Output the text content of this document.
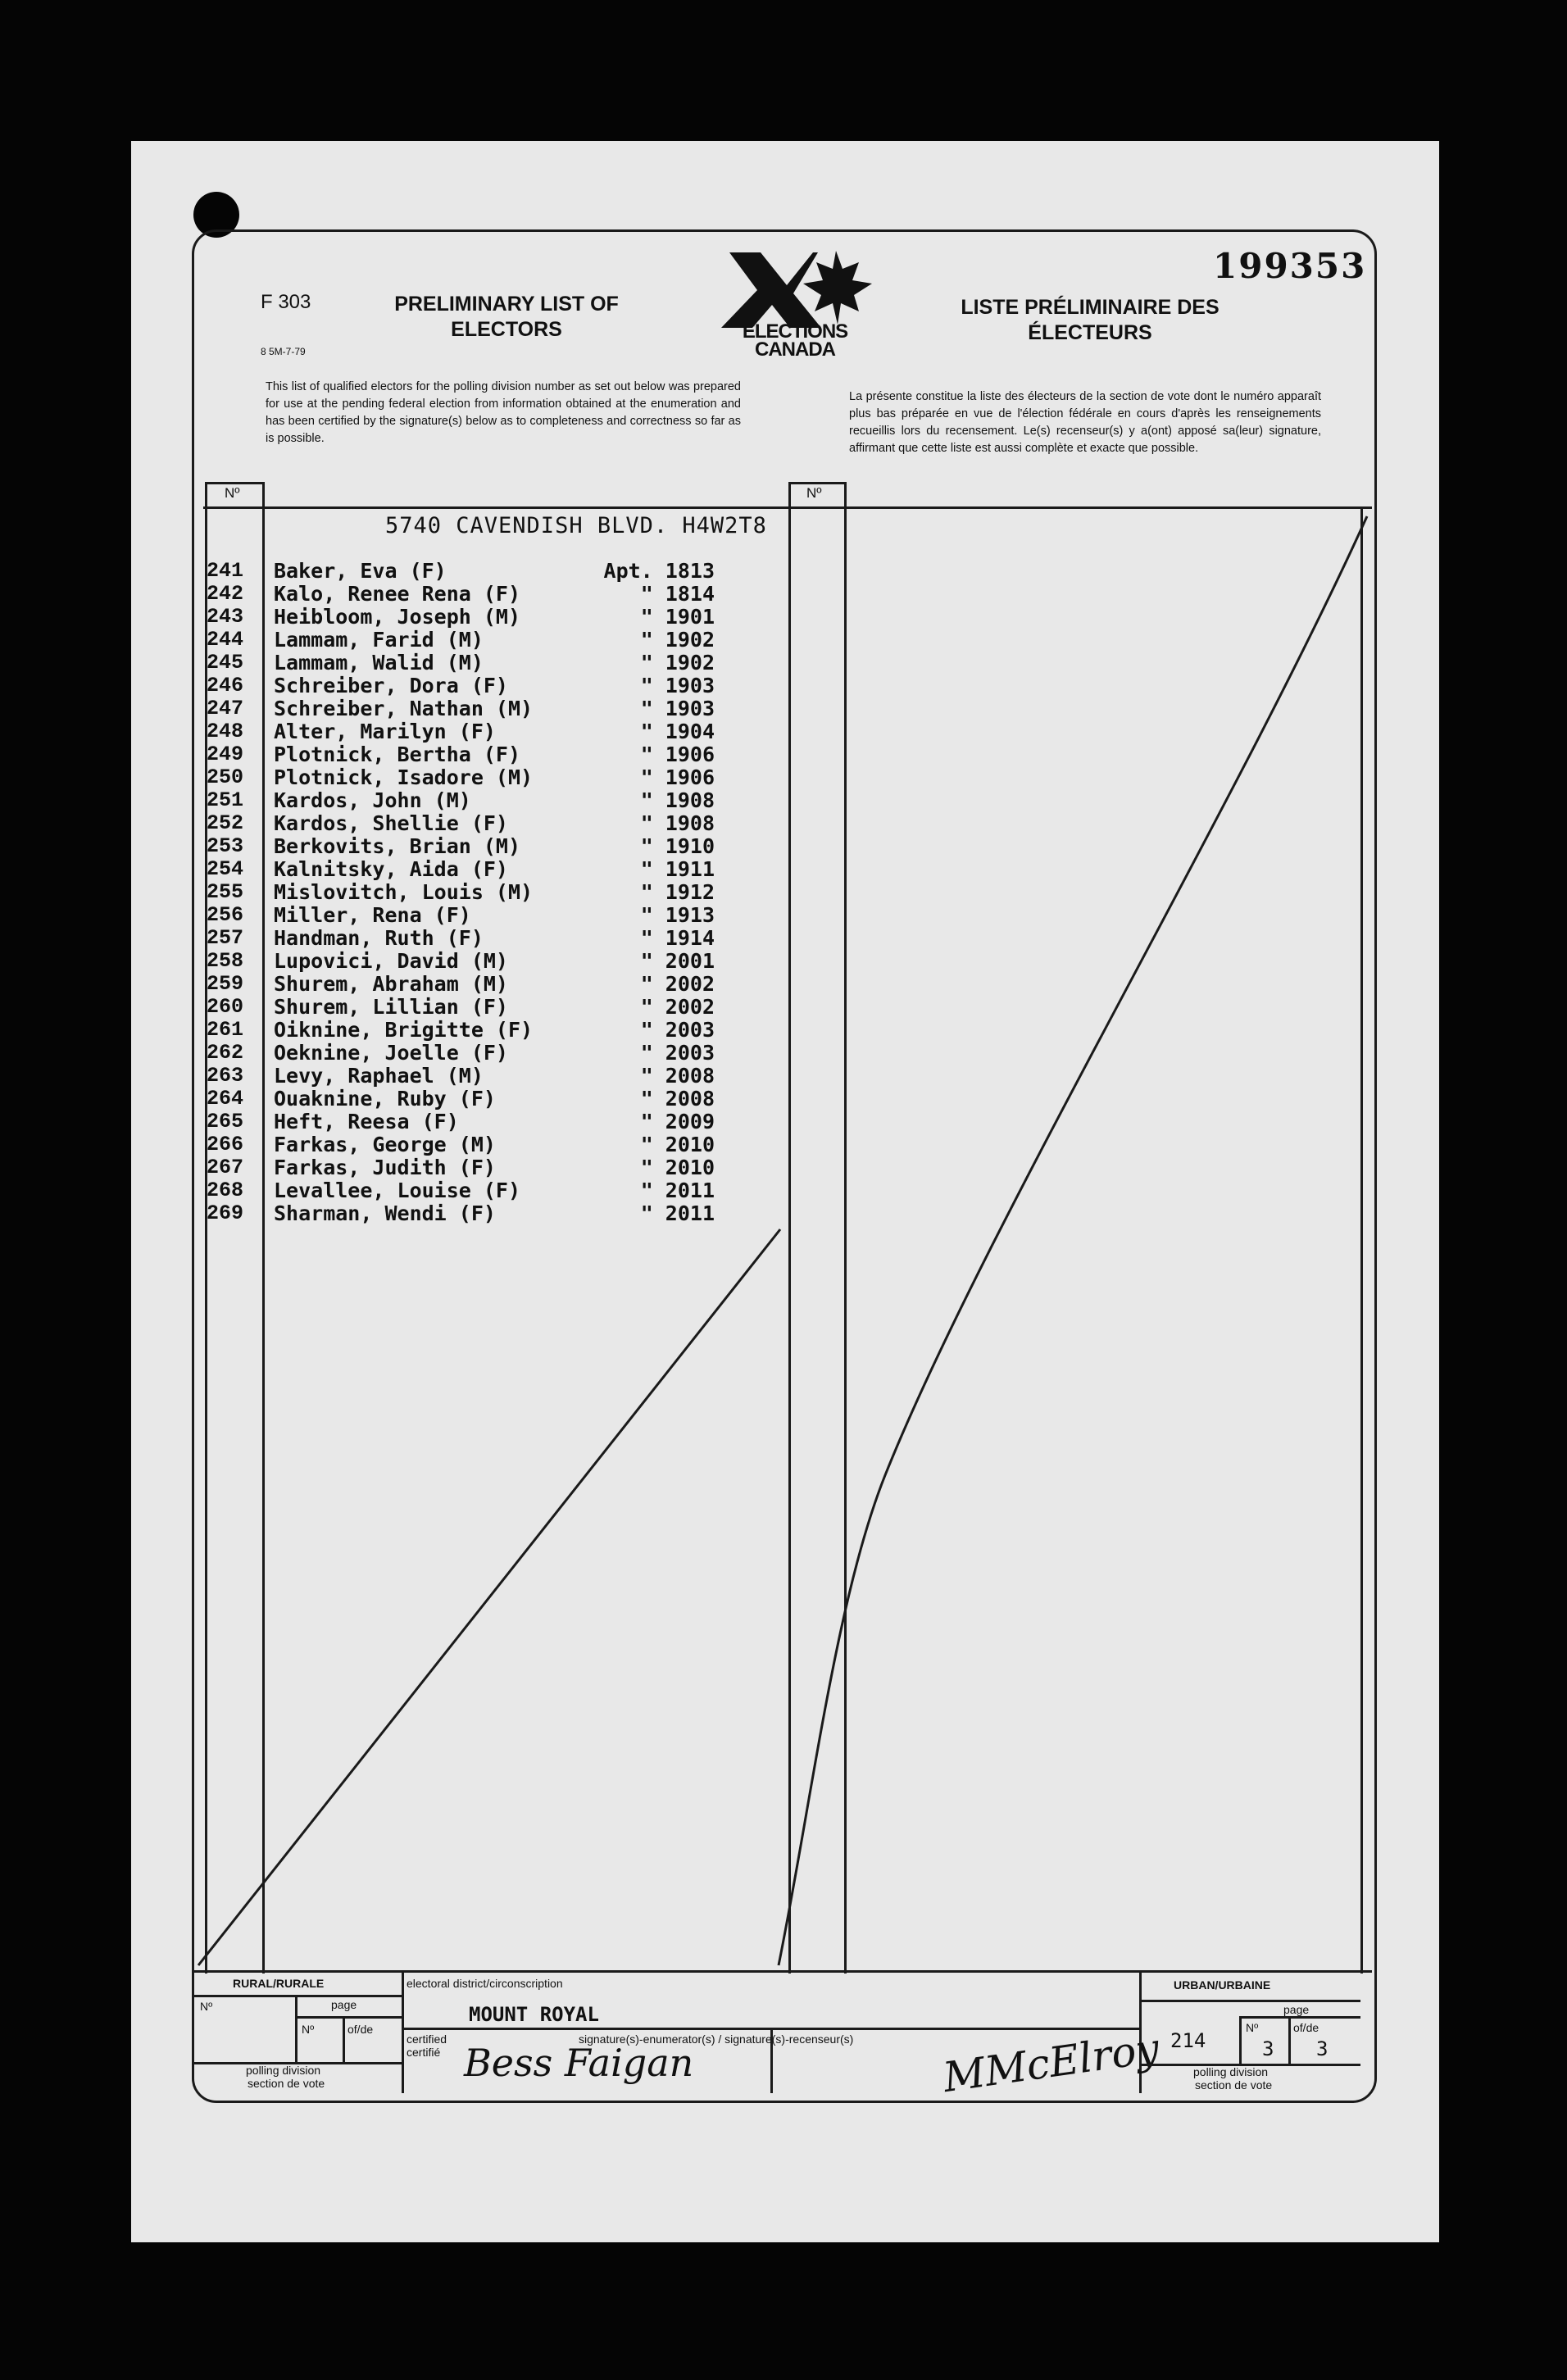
F 303
8 5M-7-79
PRELIMINARY LIST OF
ELECTORS	ELECTIONS
CANADA
LISTE PRÉLIMINAIRE DES
ÉLECTEURS
199353
This list of qualified electors for the polling division number as set out below was prepared for use at the pending federal election from information obtained at the enumeration and has been certified by the signature(s) below as to completeness and correctness so far as is possible.
La présente constitue la liste des électeurs de la section de vote dont le numéro apparaît plus bas préparée en vue de l'élection fédérale en cours d'après les renseignements recueillis lors du recensement. Le(s) recenseur(s) y a(ont) apposé sa(leur) signature, affirmant que cette liste est aussi complète et exacte que possible.
Nº	Nº
5740 CAVENDISH BLVD. H4W2T8
241 Baker, Eva (F)	Apt. 1813
242 Kalo, Renee Rena (F)	" 1814
243 Heibloom, Joseph (M)	" 1901
244 Lammam, Farid (M)	" 1902
245 Lammam, Walid (M)	" 1902
246 Schreiber, Dora (F)	" 1903
247 Schreiber, Nathan (M)	" 1903
248 Alter, Marilyn (F)	" 1904
249 Plotnick, Bertha (F)	" 1906
250 Plotnick, Isadore (M)	" 1906
251 Kardos, John (M)	" 1908
252 Kardos, Shellie (F)	" 1908
253 Berkovits, Brian (M)	" 1910
254 Kalnitsky, Aida (F)	" 1911
255 Mislovitch, Louis (M)	" 1912
256 Miller, Rena (F)	" 1913
257 Handman, Ruth (F)	" 1914
258 Lupovici, David (M)	" 2001
259 Shurem, Abraham (M)	" 2002
260 Shurem, Lillian (F)	" 2002
261 Oiknine, Brigitte (F)	" 2003
262 Oeknine, Joelle (F)	" 2003
263 Levy, Raphael (M)	" 2008
264 Ouaknine, Ruby (F)	" 2008
265 Heft, Reesa (F)	" 2009
266 Farkas, George (M)	" 2010
267 Farkas, Judith (F)	" 2010
268 Levallee, Louise (F)	" 2011
269 Sharman, Wendi (F)	" 2011
RURAL/RURALE
Nº	page
Nº	of/de
polling division
section de vote
electoral district/circonscription
MOUNT ROYAL
certified
certifié
signature(s)-enumerator(s) / signature(s)-recenseur(s)
Bess Faigan	MMcElroy
URBAN/URBAINE
page
214
Nº
3
of/de
3
polling division
section de vote
